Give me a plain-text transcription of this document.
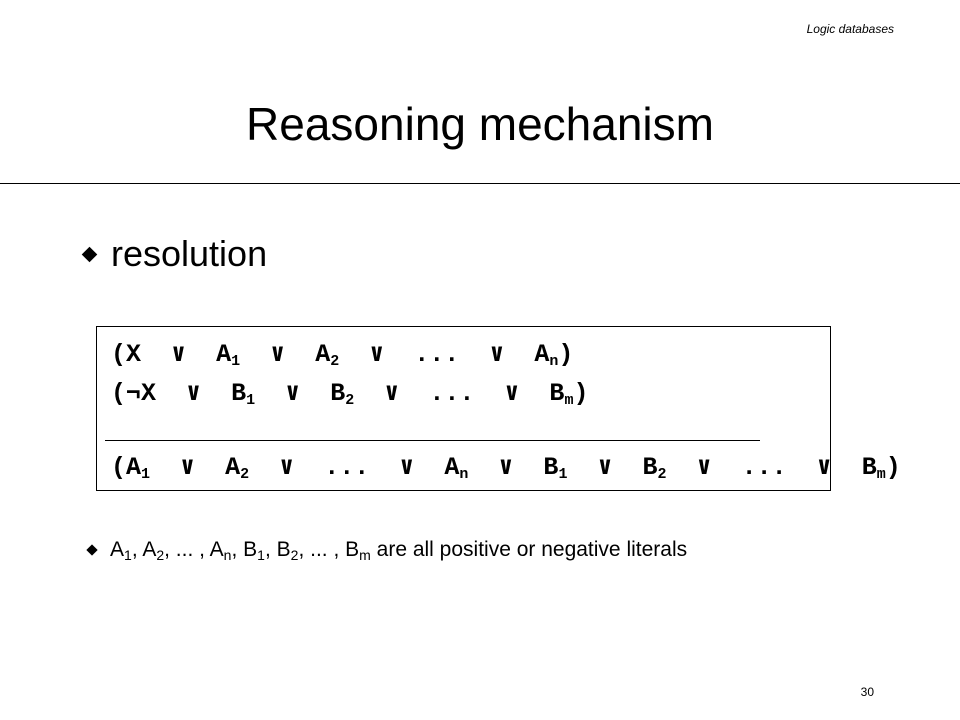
Logic databases
Reasoning mechanism
resolution
(X  ∨  $A_1$ ∨  $A_2$ ∨  ...  ∨  $A_n$)
(¬X  ∨  $B_1$ ∨  $B_2$ ∨  ...  ∨  $B_m$)
($A_1$ ∨  $A_2$ ∨  ...  ∨  $A_n$ ∨  $B_1$ ∨  $B_2$ ∨  ...  ∨  $B_m$)
$A_1$, $A_2$, ... , $A_n$, $B_1$, $B_2$, ... , $B_m$ are all positive or negative literals
30
